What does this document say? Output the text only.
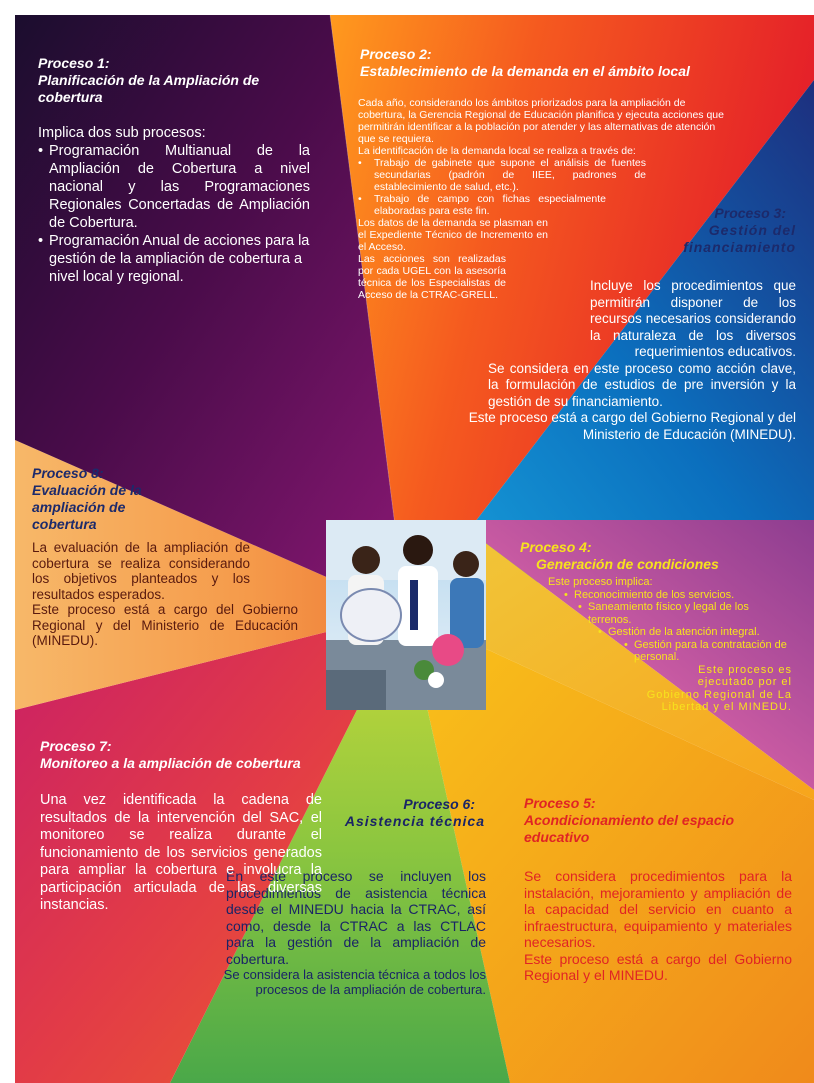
Proceso 1:

Planificación de la Ampliación de cobertura

Implica dos sub procesos:

• Programación Multianual de la Ampliación de Cobertura a nivel nacional y las Programaciones Regionales Concertadas de Ampliación de Cobertura.
• Programación Anual de acciones para la gestión de la ampliación de cobertura a nivel local y regional.

Proceso 2:

Establecimiento de la demanda en el ámbito local

Cada año, considerando los ámbitos priorizados para la ampliación de cobertura, la Gerencia Regional de Educación planifica y ejecuta acciones que permitirán identificar a la población por atender y las alternativas de atención que se requiera.

La identificación de la demanda local se realiza a través de:

• Trabajo de gabinete que supone el análisis de fuentes secundarias (padrón de IIEE, padrones de establecimiento de salud, etc.).
• Trabajo de campo con fichas especialmente elaboradas para este fin.

Los datos de la demanda se plasman en el Expediente Técnico de Incremento en el Acceso.

Las acciones son realizadas por cada UGEL con la asesoría técnica de los Especialistas de Acceso de la CTRAC-GRELL.

Proceso 3:

Gestión del financiamiento

Incluye los procedimientos que permitirán disponer de los recursos necesarios considerando la naturaleza de los diversos requerimientos educativos.

Se considera en este proceso como acción clave, la formulación de estudios de pre inversión y la gestión de su financiamiento.

Este proceso está a cargo del Gobierno Regional y del Ministerio de Educación (MINEDU).

Proceso 4:

Generación de condiciones

Este proceso implica:

• Reconocimiento de los servicios.
• Saneamiento físico y legal de los terrenos.
• Gestión de la atención integral.
• Gestión para la contratación de personal.

Este proceso es ejecutado por el Gobierno Regional de La Libertad y el MINEDU.

Proceso 5:

Acondicionamiento del espacio educativo

Se considera procedimientos para la instalación, mejoramiento y ampliación de la capacidad del servicio en cuanto a infraestructura, equipamiento y materiales necesarios.

Este proceso está a cargo del Gobierno Regional y el MINEDU.

Proceso 6:

Asistencia técnica

En este proceso se incluyen los procedimientos de asistencia técnica desde el MINEDU hacia la CTRAC, así como, desde la CTRAC a las CTLAC para la gestión de la ampliación de cobertura.

Se considera la asistencia técnica a todos los procesos de la ampliación de cobertura.

Proceso 7:

Monitoreo a la ampliación de cobertura

Una vez identificada la cadena de resultados de la intervención del SAC, el monitoreo se realiza durante el funcionamiento de los servicios generados para ampliar la cobertura e involucra la participación articulada de las diversas instancias.

Proceso 8:

Evaluación de la ampliación de cobertura

La evaluación de la ampliación de cobertura se realiza considerando los objetivos planteados y los resultados esperados.

Este proceso está a cargo del Gobierno Regional y del Ministerio de Educación (MINEDU).
